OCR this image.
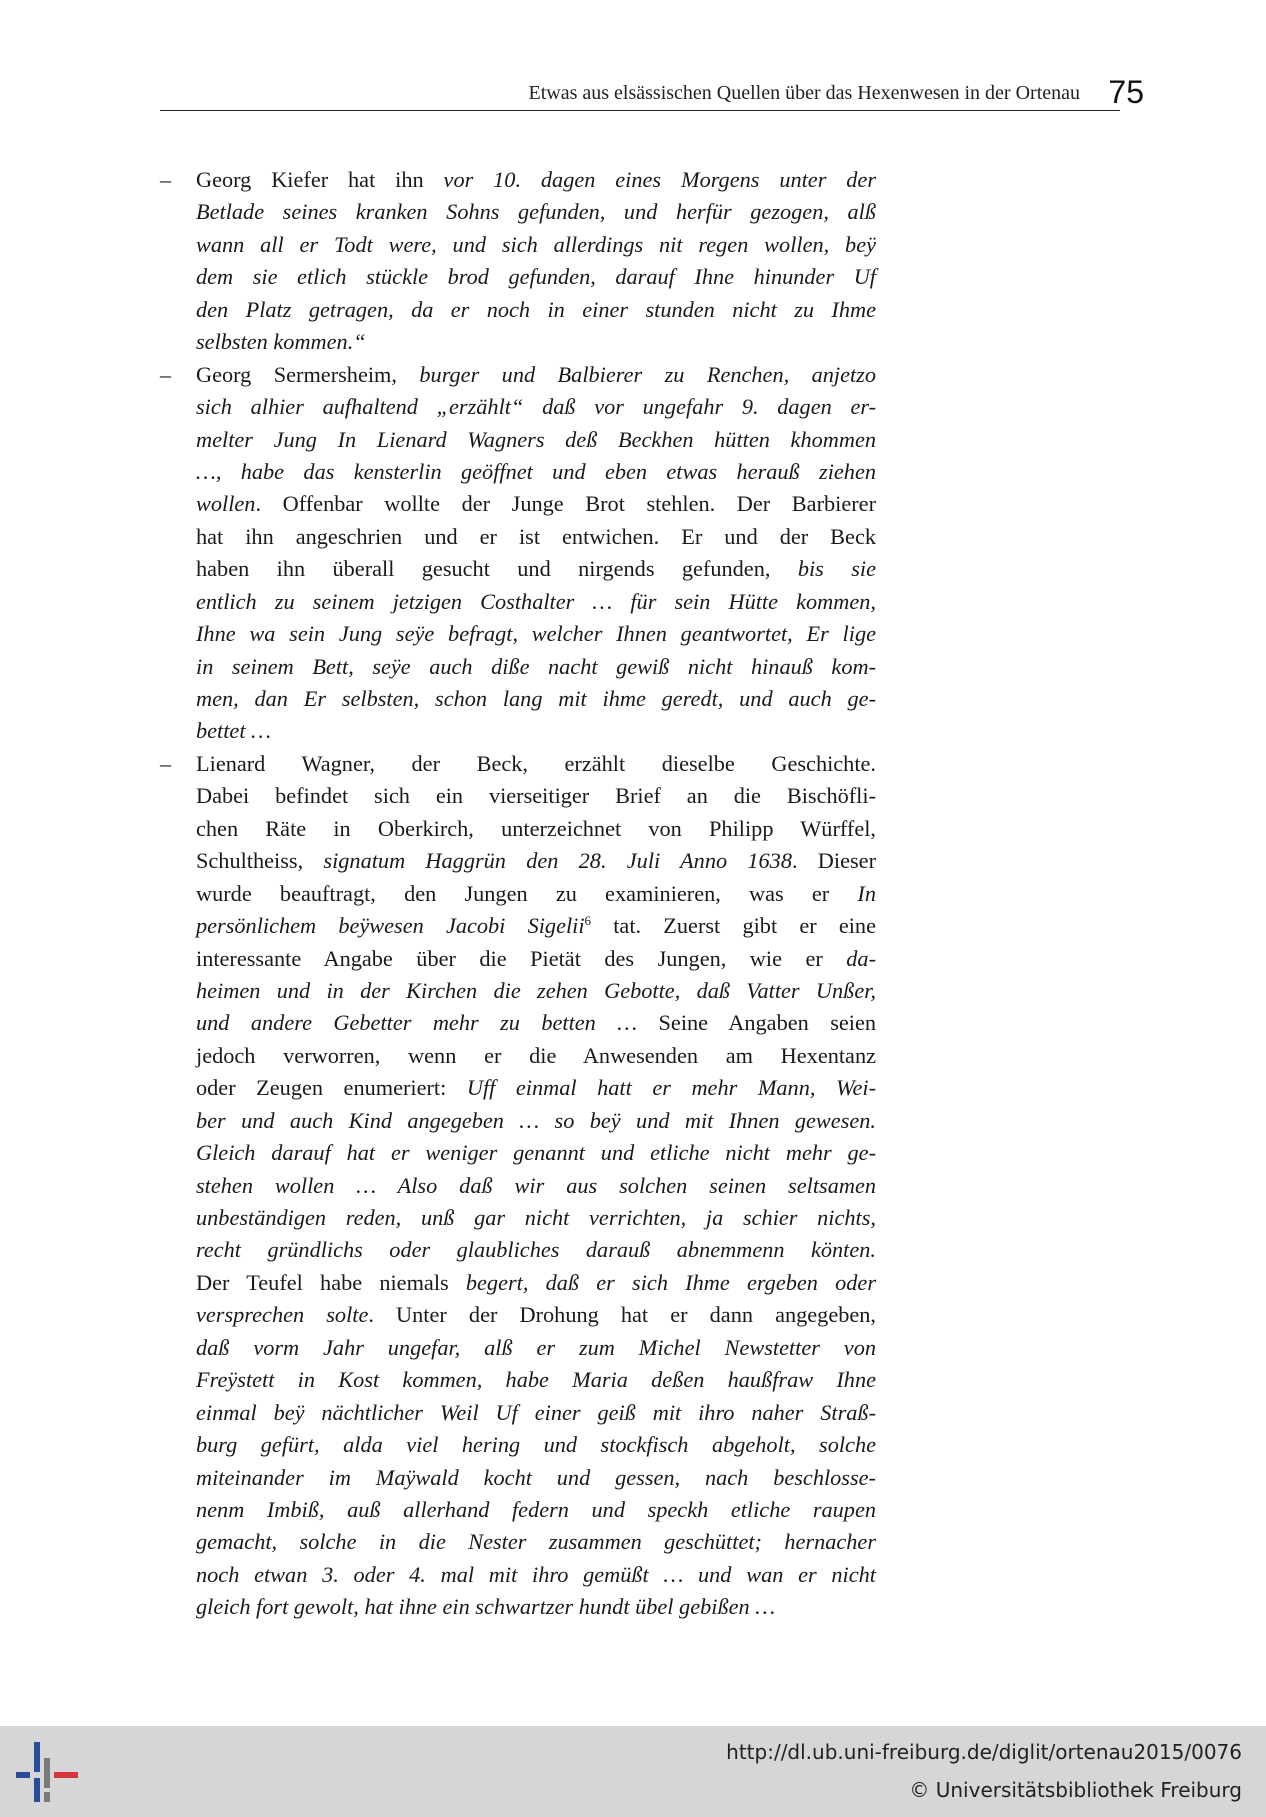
Etwas aus elsässischen Quellen über das Hexenwesen in der Ortenau 75
– Georg Kiefer hat ihn vor 10. dagen eines Morgens unter der
Betlade seines kranken Sohns gefunden, und herfür gezogen, alß
wann all er Todt were, und sich allerdings nit regen wollen, beÿ
dem sie etlich stückle brod gefunden, darauf Ihne hinunder Uf
den Platz getragen, da er noch in einer stunden nicht zu Ihme
selbsten kommen.“
– Georg Sermersheim, burger und Balbierer zu Renchen, anjetzo
sich alhier aufhaltend „erzählt“ daß vor ungefahr 9. dagen er-
melter Jung In Lienard Wagners deß Beckhen hütten khommen
…, habe das kensterlin geöffnet und eben etwas herauß ziehen
wollen. Offenbar wollte der Junge Brot stehlen. Der Barbierer
hat ihn angeschrien und er ist entwichen. Er und der Beck
haben ihn überall gesucht und nirgends gefunden, bis sie
entlich zu seinem jetzigen Costhalter … für sein Hütte kommen,
Ihne wa sein Jung seÿe befragt, welcher Ihnen geantwortet, Er lige
in seinem Bett, seÿe auch diße nacht gewiß nicht hinauß kom-
men, dan Er selbsten, schon lang mit ihme geredt, und auch ge-
bettet …
– Lienard Wagner, der Beck, erzählt dieselbe Geschichte.
Dabei befindet sich ein vierseitiger Brief an die Bischöfli-
chen Räte in Oberkirch, unterzeichnet von Philipp Würffel,
Schultheiss, signatum Haggrün den 28. Juli Anno 1638. Dieser
wurde beauftragt, den Jungen zu examinieren, was er In
persönlichem beÿwesen Jacobi Sigelii$^6$ tat. Zuerst gibt er eine
interessante Angabe über die Pietät des Jungen, wie er da-
heimen und in der Kirchen die zehen Gebotte, daß Vatter Unßer,
und andere Gebetter mehr zu betten … Seine Angaben seien
jedoch verworren, wenn er die Anwesenden am Hexentanz
oder Zeugen enumeriert: Uff einmal hatt er mehr Mann, Wei-
ber und auch Kind angegeben … so beÿ und mit Ihnen gewesen.
Gleich darauf hat er weniger genannt und etliche nicht mehr ge-
stehen wollen … Also daß wir aus solchen seinen seltsamen
unbeständigen reden, unß gar nicht verrichten, ja schier nichts,
recht gründlichs oder glaubliches darauß abnemmenn könten.
Der Teufel habe niemals begert, daß er sich Ihme ergeben oder
versprechen solte. Unter der Drohung hat er dann angegeben,
daß vorm Jahr ungefar, alß er zum Michel Newstetter von
Freÿstett in Kost kommen, habe Maria deßen haußfraw Ihne
einmal beÿ nächtlicher Weil Uf einer geiß mit ihro naher Straß-
burg gefürt, alda viel hering und stockfisch abgeholt, solche
miteinander im Maÿwald kocht und gessen, nach beschlosse-
nenm Imbiß, auß allerhand federn und speckh etliche raupen
gemacht, solche in die Nester zusammen geschüttet; hernacher
noch etwan 3. oder 4. mal mit ihro gemüßt … und wan er nicht
gleich fort gewolt, hat ihne ein schwartzer hundt übel gebißen …
http://dl.ub.uni-freiburg.de/diglit/ortenau2015/0076
© Universitätsbibliothek Freiburg
